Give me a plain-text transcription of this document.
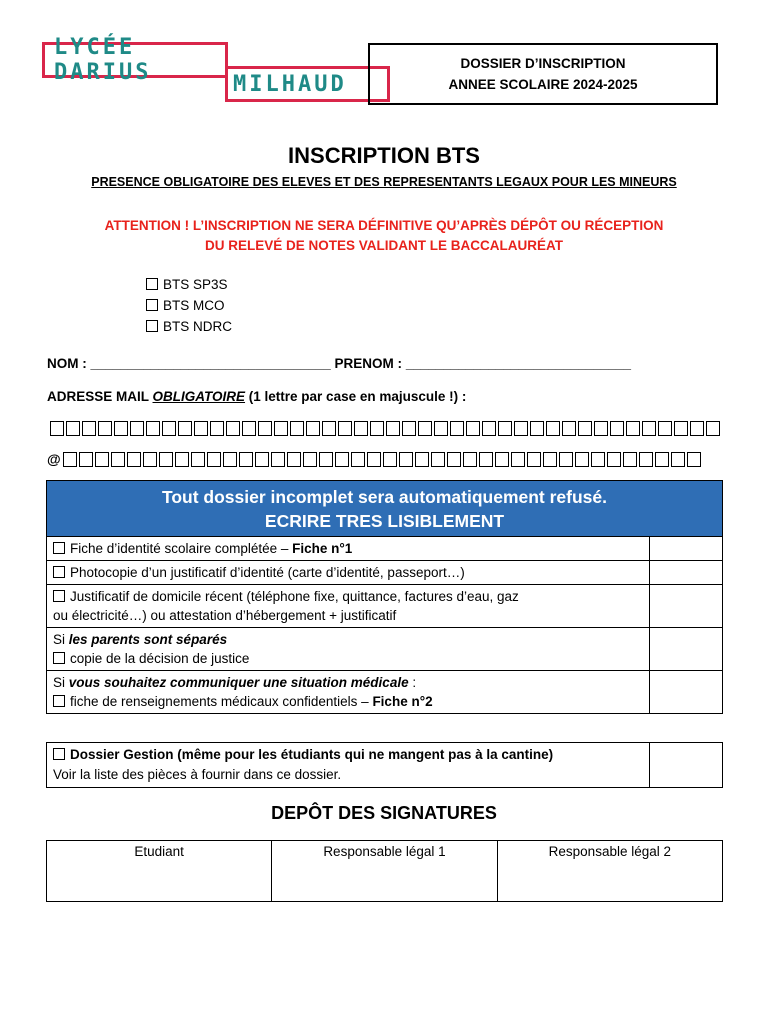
LYCÉE DARIUS	MILHAUD
DOSSIER D’INSCRIPTION
ANNEE SCOLAIRE 2024-2025
INSCRIPTION BTS
PRESENCE OBLIGATOIRE DES ELEVES ET DES REPRESENTANTS LEGAUX POUR LES MINEURS
ATTENTION ! L’INSCRIPTION NE SERA DÉFINITIVE QU’APRÈS DÉPÔT OU RÉCEPTION
DU RELEVÉ DE NOTES VALIDANT LE BACCALAURÉAT
BTS SP3S
BTS MCO
BTS NDRC
NOM : ________________________________ PRENOM : ______________________________
ADRESSE MAIL OBLIGATOIRE (1 lettre par case en majuscule !) :
@
Tout dossier incomplet sera automatiquement refusé.
ECRIRE TRES LISIBLEMENT	

Fiche d’identité scolaire complétée – Fiche n°1	
Photocopie d’un justificatif d’identité (carte d’identité, passeport…)	
Justificatif de domicile récent (téléphone fixe, quittance, factures d’eau, gaz
ou électricité…) ou attestation d’hébergement + justificatif	
Si les parents sont séparés
copie de la décision de justice	
Si vous souhaitez communiquer une situation médicale :
fiche de renseignements médicaux confidentiels – Fiche n°2	
Dossier Gestion (même pour les étudiants qui ne mangent pas à la cantine)
Voir la liste des pièces à fournir dans ce dossier.	
DEPÔT DES SIGNATURES
Etudiant	Responsable légal 1	Responsable légal 2
